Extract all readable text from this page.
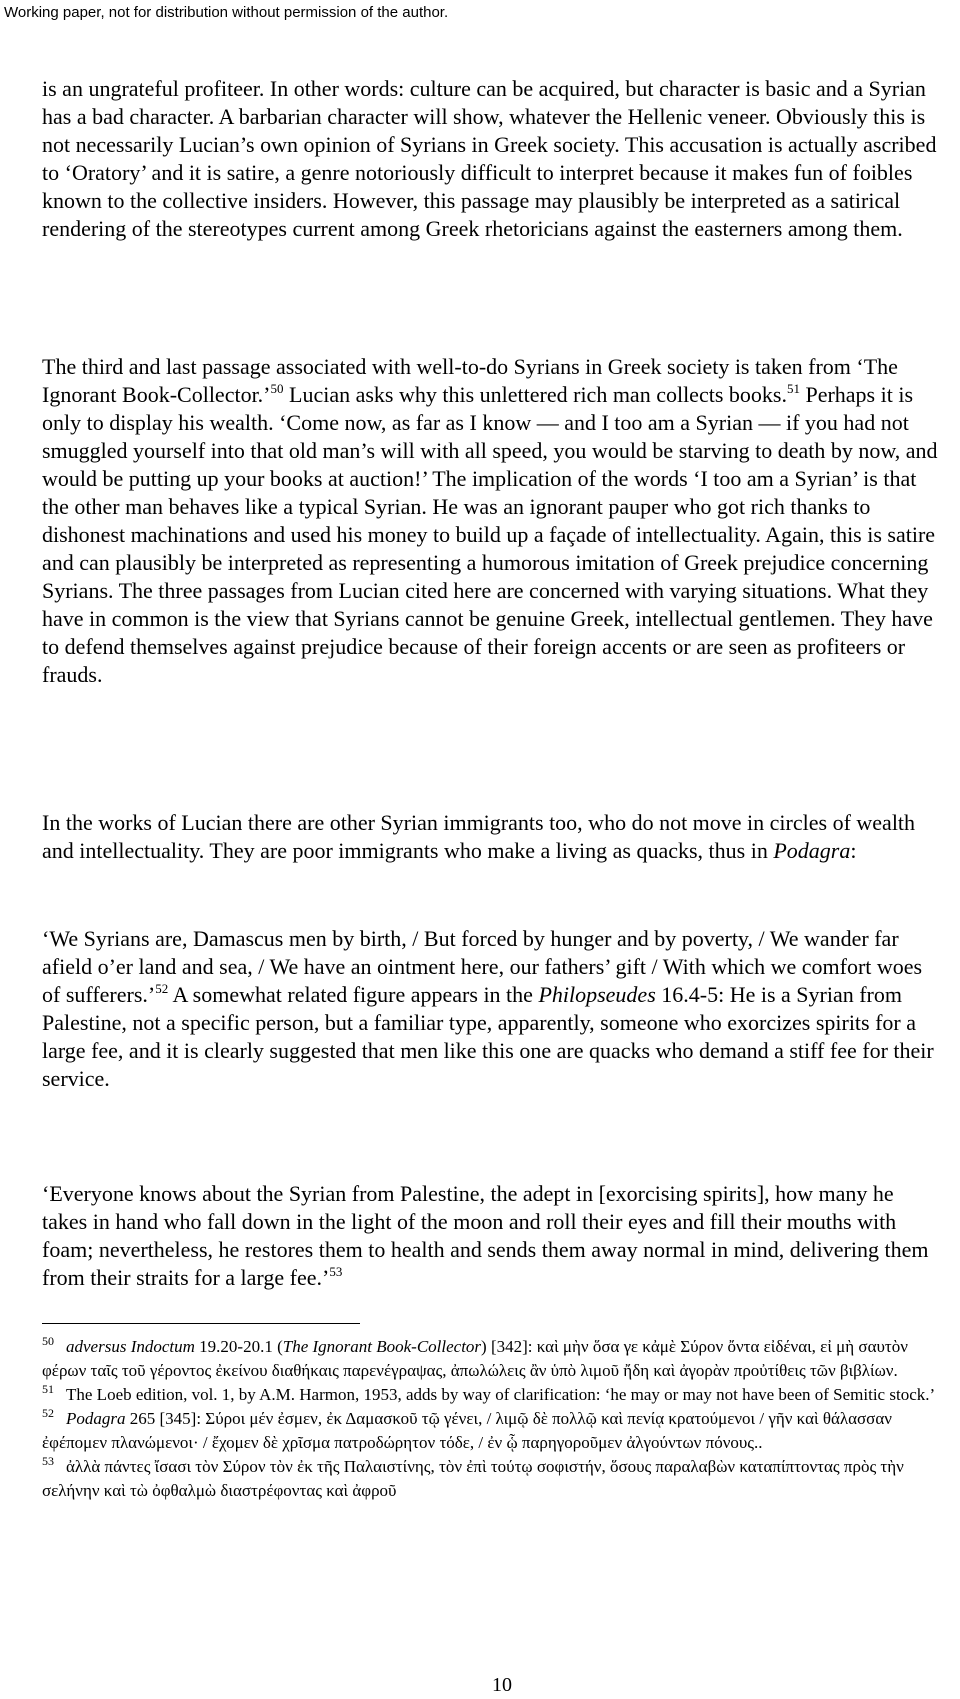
Working paper, not for distribution without permission of the author.

is an ungrateful profiteer. In other words: culture can be acquired, but character is basic and a Syrian has a bad character. A barbarian character will show, whatever the Hellenic veneer. Obviously this is not necessarily Lucian’s own opinion of Syrians in Greek society. This accusation is actually ascribed to ‘Oratory’ and it is satire, a genre notoriously difficult to interpret because it makes fun of foibles known to the collective insiders. However, this passage may plausibly be interpreted as a satirical rendering of the stereotypes current among Greek rhetoricians against the easterners among them.

The third and last passage associated with well-to-do Syrians in Greek society is taken from ‘The Ignorant Book-Collector.’$^{50}$ Lucian asks why this unlettered rich man collects books.$^{51}$ Perhaps it is only to display his wealth. ‘Come now, as far as I know — and I too am a Syrian — if you had not smuggled yourself into that old man’s will with all speed, you would be starving to death by now, and would be putting up your books at auction!’ The implication of the words ‘I too am a Syrian’ is that the other man behaves like a typical Syrian. He was an ignorant pauper who got rich thanks to dishonest machinations and used his money to build up a façade of intellectuality. Again, this is satire and can plausibly be interpreted as representing a humorous imitation of Greek prejudice concerning Syrians. The three passages from Lucian cited here are concerned with varying situations. What they have in common is the view that Syrians cannot be genuine Greek, intellectual gentlemen. They have to defend themselves against prejudice because of their foreign accents or are seen as profiteers or frauds.

In the works of Lucian there are other Syrian immigrants too, who do not move in circles of wealth and intellectuality. They are poor immigrants who make a living as quacks, thus in Podagra:

‘We Syrians are, Damascus men by birth, / But forced by hunger and by poverty, / We wander far afield o’er land and sea, / We have an ointment here, our fathers’ gift / With which we comfort woes of sufferers.’$^{52}$ A somewhat related figure appears in the Philopseudes 16.4-5: He is a Syrian from Palestine, not a specific person, but a familiar type, apparently, someone who exorcizes spirits for a large fee, and it is clearly suggested that men like this one are quacks who demand a stiff fee for their service.

‘Everyone knows about the Syrian from Palestine, the adept in [exorcising spirits], how many he takes in hand who fall down in the light of the moon and roll their eyes and fill their mouths with foam; nevertheless, he restores them to health and sends them away normal in mind, delivering them from their straits for a large fee.’$^{53}$

$^{50}$ adversus Indoctum 19.20-20.1 (The Ignorant Book-Collector) [342]: καὶ μὴν ὅσα γε κἀμὲ Σύρον ὄντα εἰδέναι, εἰ μὴ σαυτὸν φέρων ταῖς τοῦ γέροντος ἐκείνου διαθήκαις παρενέγραψας, ἀπωλώλεις ἂν ὑπὸ λιμοῦ ἤδη καὶ ἀγορὰν προὐτίθεις τῶν βιβλίων.

$^{51}$ The Loeb edition, vol. 1, by A.M. Harmon, 1953, adds by way of clarification: ‘he may or may not have been of Semitic stock.’

$^{52}$ Podagra 265 [345]: Σύροι μέν ἐσμεν, ἐκ Δαμασκοῦ τῷ γένει, / λιμῷ δὲ πολλῷ καὶ πενίᾳ κρατούμενοι / γῆν καὶ θάλασσαν ἐφέπομεν πλανώμενοι· / ἔχομεν δὲ χρῖσμα πατροδώρητον τόδε, / ἐν ᾧ παρηγοροῦμεν ἀλγούντων πόνους..

$^{53}$ ἀλλὰ πάντες ἴσασι τὸν Σύρον τὸν ἐκ τῆς Παλαιστίνης, τὸν ἐπὶ τούτῳ σοφιστήν, ὅσους παραλαβὼν καταπίπτοντας πρὸς τὴν σελήνην καὶ τὼ ὀφθαλμὼ διαστρέφοντας καὶ ἀφροῦ

10
